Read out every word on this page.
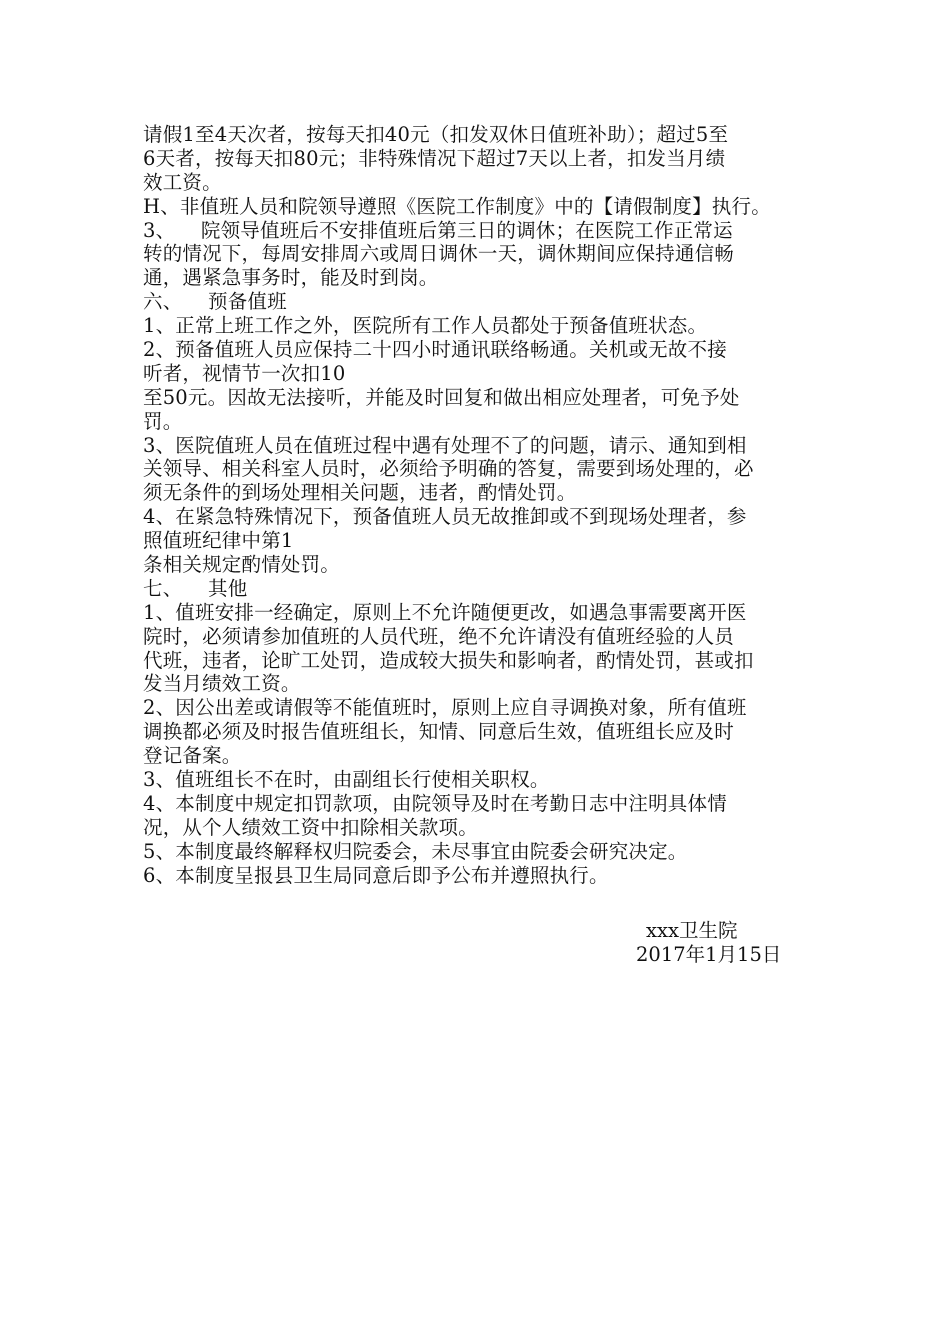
请假1至4天次者，按每天扣40元（扣发双休日值班补助）；超过5至
6天者，按每天扣80元；非特殊情况下超过7天以上者，扣发当月绩
效工资。
H、非值班人员和院领导遵照《医院工作制度》中的【请假制度】执行。
3、    院领导值班后不安排值班后第三日的调休；在医院工作正常运
转的情况下，每周安排周六或周日调休一天，调休期间应保持通信畅
通，遇紧急事务时，能及时到岗。
六、    预备值班
1、正常上班工作之外，医院所有工作人员都处于预备值班状态。
2、预备值班人员应保持二十四小时通讯联络畅通。关机或无故不接
听者，视情节一次扣10
至50元。因故无法接听，并能及时回复和做出相应处理者，可免予处
罚。
3、医院值班人员在值班过程中遇有处理不了的问题，请示、通知到相
关领导、相关科室人员时，必须给予明确的答复，需要到场处理的，必
须无条件的到场处理相关问题，违者，酌情处罚。
4、在紧急特殊情况下，预备值班人员无故推卸或不到现场处理者，参
照值班纪律中第1
条相关规定酌情处罚。
七、    其他
1、值班安排一经确定，原则上不允许随便更改，如遇急事需要离开医
院时，必须请参加值班的人员代班，绝不允许请没有值班经验的人员
代班，违者，论旷工处罚，造成较大损失和影响者，酌情处罚，甚或扣
发当月绩效工资。
2、因公出差或请假等不能值班时，原则上应自寻调换对象，所有值班
调换都必须及时报告值班组长，知情、同意后生效，值班组长应及时
登记备案。
3、值班组长不在时，由副组长行使相关职权。
4、本制度中规定扣罚款项，由院领导及时在考勤日志中注明具体情
况，从个人绩效工资中扣除相关款项。
5、本制度最终解释权归院委会，未尽事宜由院委会研究决定。
6、本制度呈报县卫生局同意后即予公布并遵照执行。
xxx卫生院
2017年1月15日
